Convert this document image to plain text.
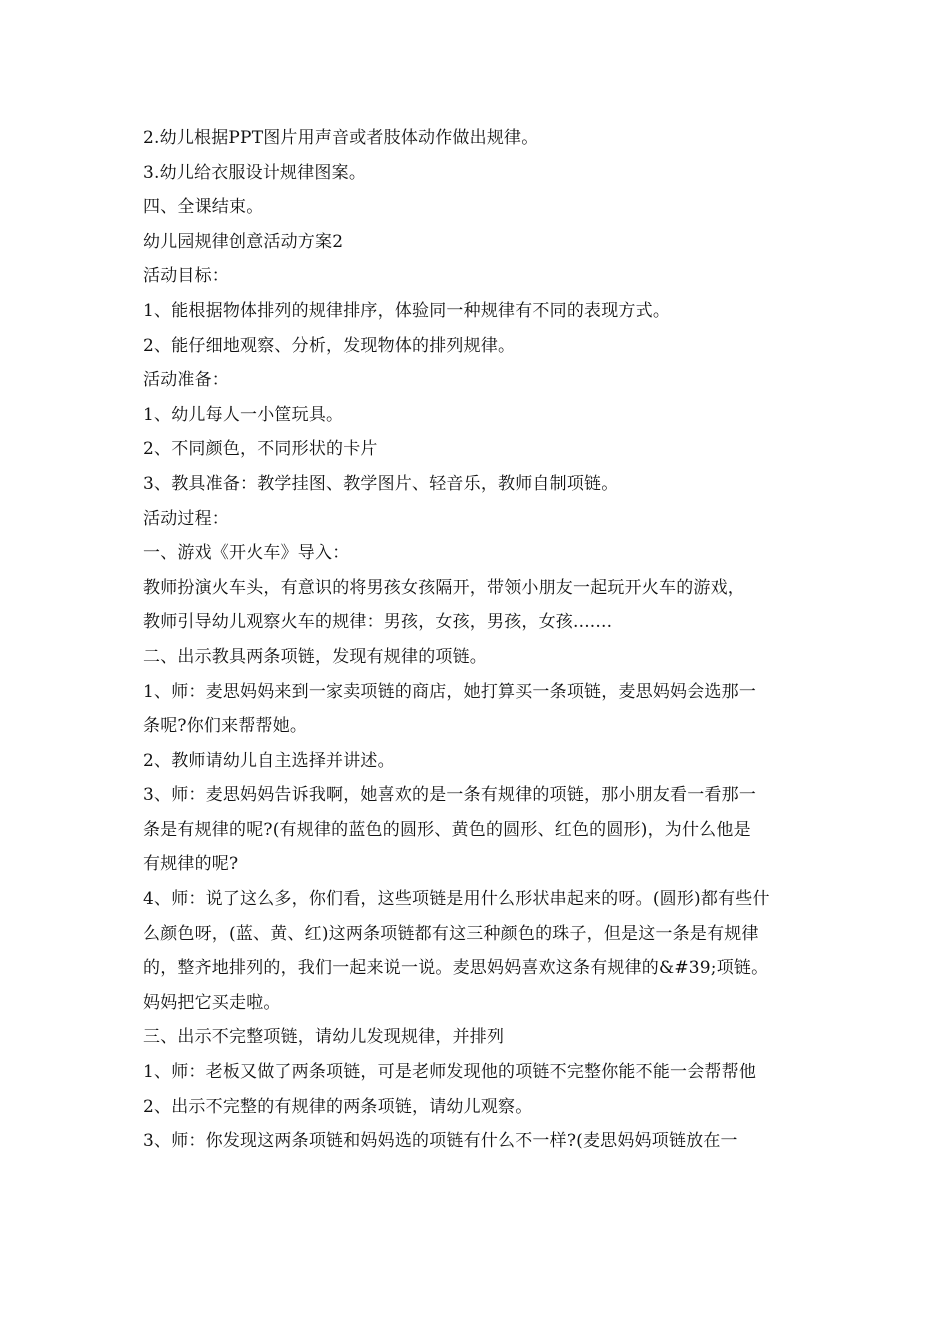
2.幼儿根据PPT图片用声音或者肢体动作做出规律。
3.幼儿给衣服设计规律图案。
四、全课结束。
幼儿园规律创意活动方案2
活动目标：
1、能根据物体排列的规律排序，体验同一种规律有不同的表现方式。
2、能仔细地观察、分析，发现物体的排列规律。
活动准备：
1、幼儿每人一小筐玩具。
2、不同颜色，不同形状的卡片
3、教具准备：教学挂图、教学图片、轻音乐，教师自制项链。
活动过程：
一、游戏《开火车》导入：
教师扮演火车头，有意识的将男孩女孩隔开，带领小朋友一起玩开火车的游戏，
教师引导幼儿观察火车的规律：男孩，女孩，男孩，女孩.......
二、出示教具两条项链，发现有规律的项链。
1、师：麦思妈妈来到一家卖项链的商店，她打算买一条项链，麦思妈妈会选那一
条呢?你们来帮帮她。
2、教师请幼儿自主选择并讲述。
3、师：麦思妈妈告诉我啊，她喜欢的是一条有规律的项链，那小朋友看一看那一
条是有规律的呢?(有规律的蓝色的圆形、黄色的圆形、红色的圆形)，为什么他是
有规律的呢?
4、师：说了这么多，你们看，这些项链是用什么形状串起来的呀。(圆形)都有些什
么颜色呀，(蓝、黄、红)这两条项链都有这三种颜色的珠子，但是这一条是有规律
的，整齐地排列的，我们一起来说一说。麦思妈妈喜欢这条有规律的&#39;项链。
妈妈把它买走啦。
三、出示不完整项链，请幼儿发现规律，并排列
1、师：老板又做了两条项链，可是老师发现他的项链不完整你能不能一会帮帮他
2、出示不完整的有规律的两条项链，请幼儿观察。
3、师：你发现这两条项链和妈妈选的项链有什么不一样?(麦思妈妈项链放在一
